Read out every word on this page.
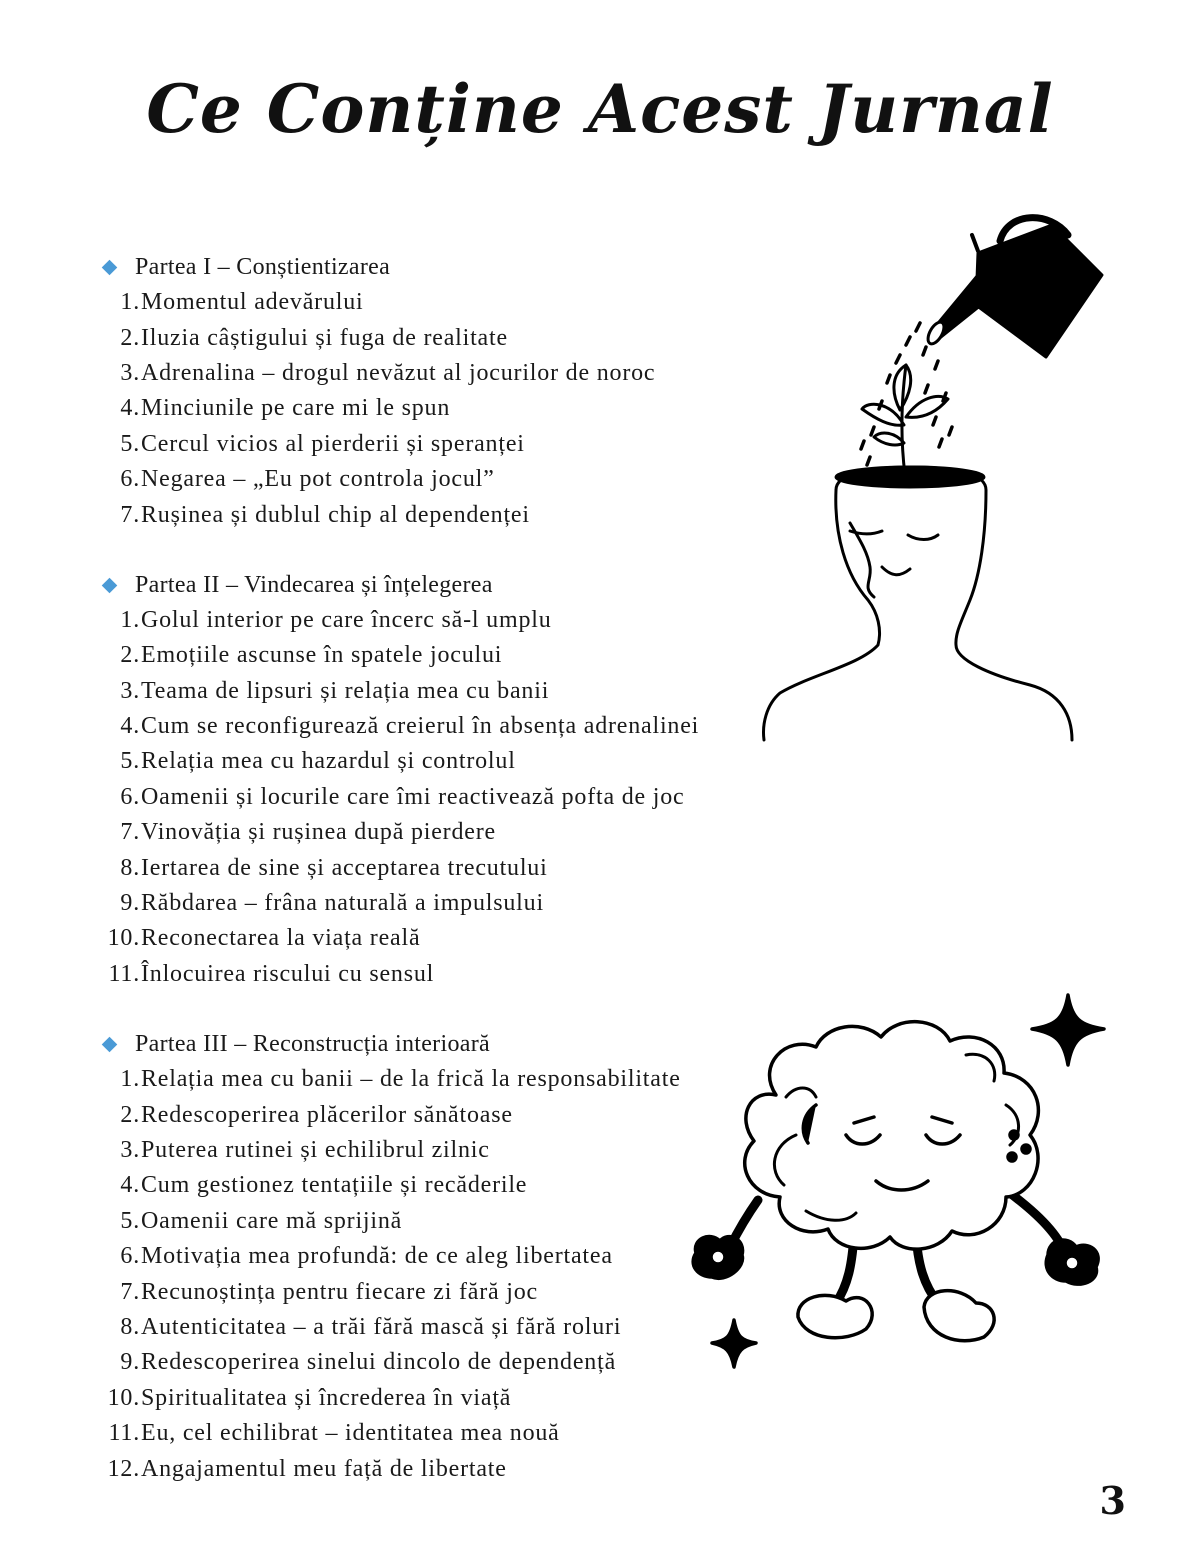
Ce Conține Acest Jurnal
Partea I – Conștientizarea
1. Momentul adevărului
2. Iluzia câștigului și fuga de realitate
3. Adrenalina – drogul nevăzut al jocurilor de noroc
4. Minciunile pe care mi le spun
5. Cercul vicios al pierderii și speranței
6. Negarea – „Eu pot controla jocul”
7. Rușinea și dublul chip al dependenței
Partea II – Vindecarea și înțelegerea
1. Golul interior pe care încerc să-l umplu
2. Emoțiile ascunse în spatele jocului
3. Teama de lipsuri și relația mea cu banii
4. Cum se reconfigurează creierul în absența adrenalinei
5. Relația mea cu hazardul și controlul
6. Oamenii și locurile care îmi reactivează pofta de joc
7. Vinovăția și rușinea după pierdere
8. Iertarea de sine și acceptarea trecutului
9. Răbdarea – frâna naturală a impulsului
10. Reconectarea la viața reală
11. Înlocuirea riscului cu sensul
Partea III – Reconstrucția interioară
1. Relația mea cu banii – de la frică la responsabilitate
2. Redescoperirea plăcerilor sănătoase
3. Puterea rutinei și echilibrul zilnic
4. Cum gestionez tentațiile și recăderile
5. Oamenii care mă sprijină
6. Motivația mea profundă: de ce aleg libertatea
7. Recunoștința pentru fiecare zi fără joc
8. Autenticitatea – a trăi fără mască și fără roluri
9. Redescoperirea sinelui dincolo de dependență
10. Spiritualitatea și încrederea în viață
11. Eu, cel echilibrat – identitatea mea nouă
12. Angajamentul meu față de libertate
3
